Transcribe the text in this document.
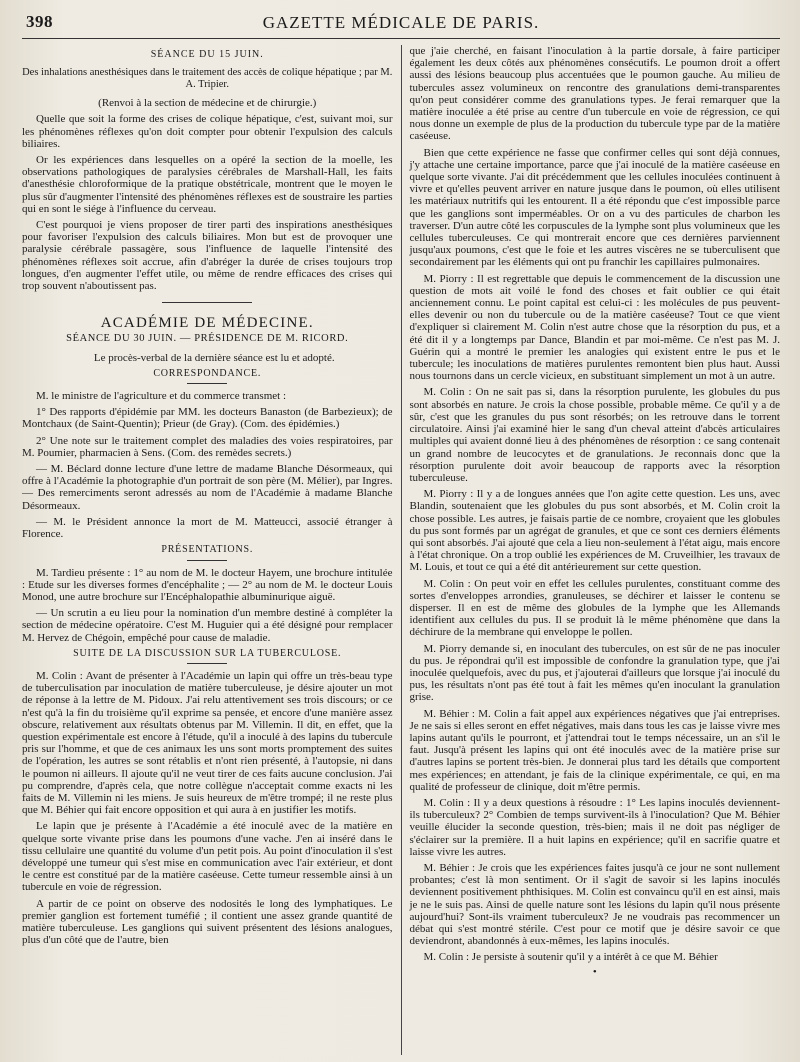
398	GAZETTE MÉDICALE DE PARIS.
SÉANCE DU 15 JUIN.
Des inhalations anesthésiques dans le traitement des accès de colique hépatique ; par M. A. Tripier.

(Renvoi à la section de médecine et de chirurgie.)

Quelle que soit la forme des crises de colique hépatique, c'est, suivant moi, sur les phénomènes réflexes qu'on doit compter pour obtenir l'expulsion des calculs biliaires.

Or les expériences dans lesquelles on a opéré la section de la moelle, les observations pathologiques de paralysies cérébrales de Marshall-Hall, les faits d'anesthésie chloroformique de la pratique obstétricale, montrent que le moyen le plus sûr d'augmenter l'intensité des phénomènes réflexes est de soustraire les parties qui en sont le siége à l'influence du cerveau.

C'est pourquoi je viens proposer de tirer parti des inspirations anesthésiques pour favoriser l'expulsion des calculs biliaires. Mon but est de provoquer une paralysie cérébrale passagère, sous l'influence de laquelle l'intensité des phénomènes réflexes soit accrue, afin d'abréger la durée de crises toujours trop longues, d'en augmenter l'effet utile, ou même de rendre efficaces des crises qui trop souvent n'aboutissent pas.

ACADÉMIE DE MÉDECINE.
SÉANCE DU 30 JUIN. — PRÉSIDENCE DE M. RICORD.

Le procès-verbal de la dernière séance est lu et adopté.

CORRESPONDANCE.

M. le ministre de l'agriculture et du commerce transmet :

1° Des rapports d'épidémie par MM. les docteurs Banaston (de Barbezieux); de Montchaux (de Saint-Quentin); Prieur (de Gray). (Com. des épidémies.)

2° Une note sur le traitement complet des maladies des voies respiratoires, par M. Poumier, pharmacien à Sens. (Com. des remèdes secrets.)

— M. Béclard donne lecture d'une lettre de madame Blanche Désormeaux, qui offre à l'Académie la photographie d'un portrait de son père (M. Mélier), par Ingres. — Des remerciments seront adressés au nom de l'Académie à madame Blanche Désormeaux.

— M. le Président annonce la mort de M. Matteucci, associé étranger à Florence.

PRÉSENTATIONS.

M. Tardieu présente : 1° au nom de M. le docteur Hayem, une brochure intitulée : Etude sur les diverses formes d'encéphalite ; — 2° au nom de M. le docteur Louis Monod, une autre brochure sur l'Encéphalopathie albuminurique aiguë.

— Un scrutin a eu lieu pour la nomination d'un membre destiné à compléter la section de médecine opératoire. C'est M. Huguier qui a été désigné pour remplacer M. Hervez de Chégoin, empêché pour cause de maladie.

SUITE DE LA DISCUSSION SUR LA TUBERCULOSE.

M. Colin : Avant de présenter à l'Académie un lapin qui offre un très-beau type de tuberculisation par inoculation de matière tuberculeuse, je désire ajouter un mot de réponse à la lettre de M. Pidoux. J'ai relu attentivement ses trois discours; or ce n'est qu'à la fin du troisième qu'il exprime sa pensée, et encore d'une manière assez obscure, relativement aux résultats obtenus par M. Villemin. Il dit, en effet, que la question expérimentale est encore à l'étude, qu'il a inoculé à des lapins du tubercule pris sur l'homme, et que de ces animaux les uns sont morts promptement des suites de l'opération, les autres se sont rétablis et n'ont rien présenté, à l'autopsie, ni dans le poumon ni ailleurs. Il ajoute qu'il ne veut tirer de ces faits aucune conclusion. J'ai pu comprendre, d'après cela, que notre collègue n'acceptait comme exacts ni les faits de M. Villemin ni les miens. Je suis heureux de m'être trompé; il ne reste plus que M. Béhier qui fait encore opposition et qui aura à en justifier les motifs.

Le lapin que je présente à l'Académie a été inoculé avec de la matière en quelque sorte vivante prise dans les poumons d'une vache. J'en ai inséré dans le tissu cellulaire une quantité du volume d'un petit pois. Au point d'inoculation il s'est développé une tumeur qui s'est mise en communication avec l'air extérieur, et dont le centre est constitué par de la matière caséeuse. Cette tumeur ressemble ainsi à un tubercule en voie de régression.

A partir de ce point on observe des nodosités le long des lymphatiques. Le premier ganglion est fortement tuméfié ; il contient une assez grande quantité de matière tuberculeuse. Les ganglions qui suivent présentent des lésions analogues, plus d'un côté que de l'autre, bien

que j'aie cherché, en faisant l'inoculation à la partie dorsale, à faire participer également les deux côtés aux phénomènes consécutifs. Le poumon droit a offert aussi des lésions beaucoup plus accentuées que le poumon gauche. Au milieu de tubercules assez volumineux on rencontre des granulations demi-transparentes qu'on peut considérer comme des granulations types. Je ferai remarquer que la matière inoculée a été prise au centre d'un tubercule en voie de régression, ce qui nous donne un exemple de plus de la production du tubercule type par de la matière caséeuse.

Bien que cette expérience ne fasse que confirmer celles qui sont déjà connues, j'y attache une certaine importance, parce que j'ai inoculé de la matière caséeuse en quelque sorte vivante. J'ai dit précédemment que les cellules inoculées continuent à vivre et qu'elles peuvent arriver en nature jusque dans le poumon, où elles utilisent les matériaux nutritifs qui les entourent. Il a été répondu que c'est impossible parce que les ganglions sont imperméables. Or on a vu des particules de charbon les traverser. D'un autre côté les corpuscules de la lymphe sont plus volumineux que les cellules tuberculeuses. Ce qui montrerait encore que ces dernières parviennent jusqu'aux poumons, c'est que le foie et les autres viscères ne se tuberculisent que secondairement par les éléments qui ont pu franchir les capillaires pulmonaires.

M. Piorry : Il est regrettable que depuis le commencement de la discussion une question de mots ait voilé le fond des choses et fait oublier ce qui était anciennement connu. Le point capital est celui-ci : les molécules de pus peuvent-elles devenir ou non du tubercule ou de la matière caséeuse? Tout ce que vient d'expliquer si clairement M. Colin n'est autre chose que la résorption du pus, et a été dit il y a longtemps par Dance, Blandin et par moi-même. Ce n'est pas M. J. Guérin qui a montré le premier les analogies qui existent entre le pus et le tubercule; les inoculations de matières purulentes remontent bien plus haut. Aussi nous tournons dans un cercle vicieux, en substituant simplement un mot à un autre.

M. Colin : On ne sait pas si, dans la résorption purulente, les globules du pus sont absorbés en nature. Je crois la chose possible, probable même. Ce qu'il y a de sûr, c'est que les granules du pus sont résorbés; on les retrouve dans le torrent circulatoire. Ainsi j'ai examiné hier le sang d'un cheval atteint d'abcès articulaires multiples qui avaient donné lieu à des phénomènes de résorption : ce sang contenait un grand nombre de leucocytes et de granulations. Je reconnais donc que la résorption purulente doit avoir beaucoup de rapports avec la résorption tuberculeuse.

M. Piorry : Il y a de longues années que l'on agite cette question. Les uns, avec Blandin, soutenaient que les globules du pus sont absorbés, et M. Colin croit la chose possible. Les autres, je faisais partie de ce nombre, croyaient que les globules du pus sont formés par un agrégat de granules, et que ce sont ces derniers éléments qui sont absorbés. J'ai ajouté que cela a lieu non-seulement à l'état aigu, mais encore à l'état chronique. On a trop oublié les expériences de M. Cruveilhier, les travaux de M. Louis, et tout ce qui a été dit antérieurement sur cette question.

M. Colin : On peut voir en effet les cellules purulentes, constituant comme des sortes d'enveloppes arrondies, granuleuses, se déchirer et laisser le contenu se disperser. Il en est de même des globules de la lymphe que les Allemands identifient aux cellules du pus. Il se produit là le même phénomène que dans la déchirure de la membrane qui enveloppe le pollen.

M. Piorry demande si, en inoculant des tubercules, on est sûr de ne pas inoculer du pus. Je répondrai qu'il est impossible de confondre la granulation type, que j'ai inoculée quelquefois, avec du pus, et j'ajouterai d'ailleurs que lorsque j'ai inoculé du pus, les résultats n'ont pas été tout à fait les mêmes qu'en inoculant la granulation grise.

M. Béhier : M. Colin a fait appel aux expériences négatives que j'ai entreprises. Je ne sais si elles seront en effet négatives, mais dans tous les cas je laisse vivre mes lapins autant qu'ils le pourront, et j'attendrai tout le temps nécessaire, un an s'il le faut. Jusqu'à présent les lapins qui ont été inoculés avec de la matière prise sur d'autres lapins se portent très-bien. Je donnerai plus tard les détails que comportent mes expériences; en attendant, je fais de la clinique expérimentale, ce qui, en ma qualité de professeur de clinique, doit m'être permis.

M. Colin : Il y a deux questions à résoudre : 1° Les lapins inoculés deviennent-ils tuberculeux? 2° Combien de temps survivent-ils à l'inoculation? Que M. Béhier veuille élucider la seconde question, très-bien; mais il ne doit pas négliger de s'éclairer sur la première. Il a huit lapins en expérience; qu'il en sacrifie quatre et laisse vivre les autres.

M. Béhier : Je crois que les expériences faites jusqu'à ce jour ne sont nullement probantes; c'est là mon sentiment. Or il s'agit de savoir si les lapins inoculés deviennent positivement phthisiques. M. Colin est convaincu qu'il en est ainsi, mais je ne le suis pas. Ainsi de quelle nature sont les lésions du lapin qu'il nous présente aujourd'hui? Sont-ils vraiment tuberculeux? Je ne voudrais pas recommencer un débat qui s'est montré stérile. C'est pour ce motif que je désire savoir ce que deviendront, abandonnés à eux-mêmes, les lapins inoculés.

M. Colin : Je persiste à soutenir qu'il y a intérêt à ce que M. Béhier

•
